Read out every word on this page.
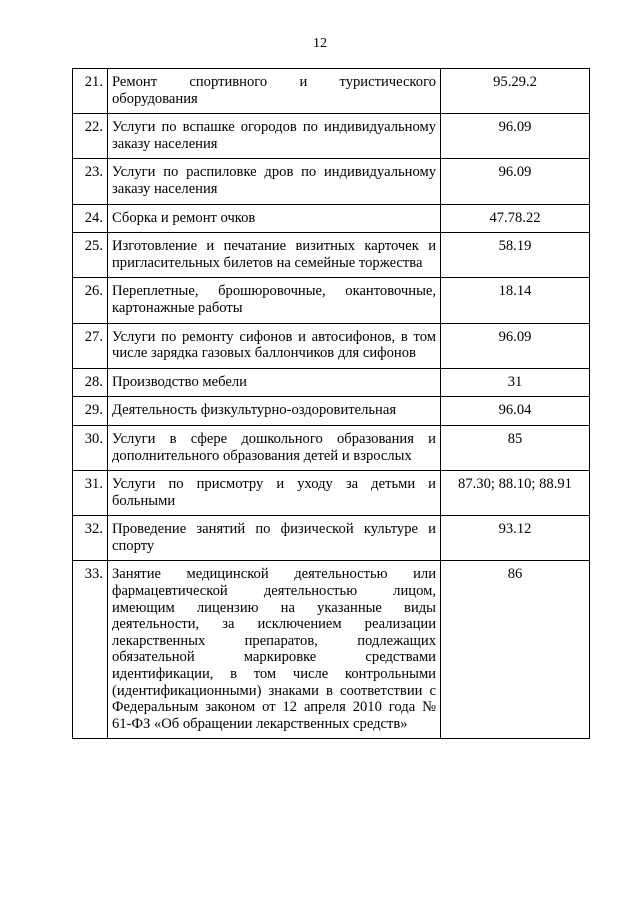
12
21.	Ремонт спортивного и туристического оборудования	95.29.2
22.	Услуги по вспашке огородов по индивидуальному заказу населения	96.09
23.	Услуги по распиловке дров по индивидуальному заказу населения	96.09
24.	Сборка и ремонт очков	47.78.22
25.	Изготовление и печатание визитных карточек и пригласительных билетов на семейные торжества	58.19
26.	Переплетные, брошюровочные, окантовочные, картонажные работы	18.14
27.	Услуги по ремонту сифонов и автосифонов, в том числе зарядка газовых баллончиков для сифонов	96.09
28.	Производство мебели	31
29.	Деятельность физкультурно-оздоровительная	96.04
30.	Услуги в сфере дошкольного образования и дополнительного образования детей и взрослых	85
31.	Услуги по присмотру и уходу за детьми и больными	87.30; 88.10; 88.91
32.	Проведение занятий по физической культуре и спорту	93.12
33.	Занятие медицинской деятельностью или фармацевтической деятельностью лицом, имеющим лицензию на указанные виды деятельности, за исключением реализации лекарственных препаратов, подлежащих обязательной маркировке средствами идентификации, в том числе контрольными (идентификационными) знаками в соответствии с Федеральным законом от 12 апреля 2010 года № 61-ФЗ «Об обращении лекарственных средств»	86
